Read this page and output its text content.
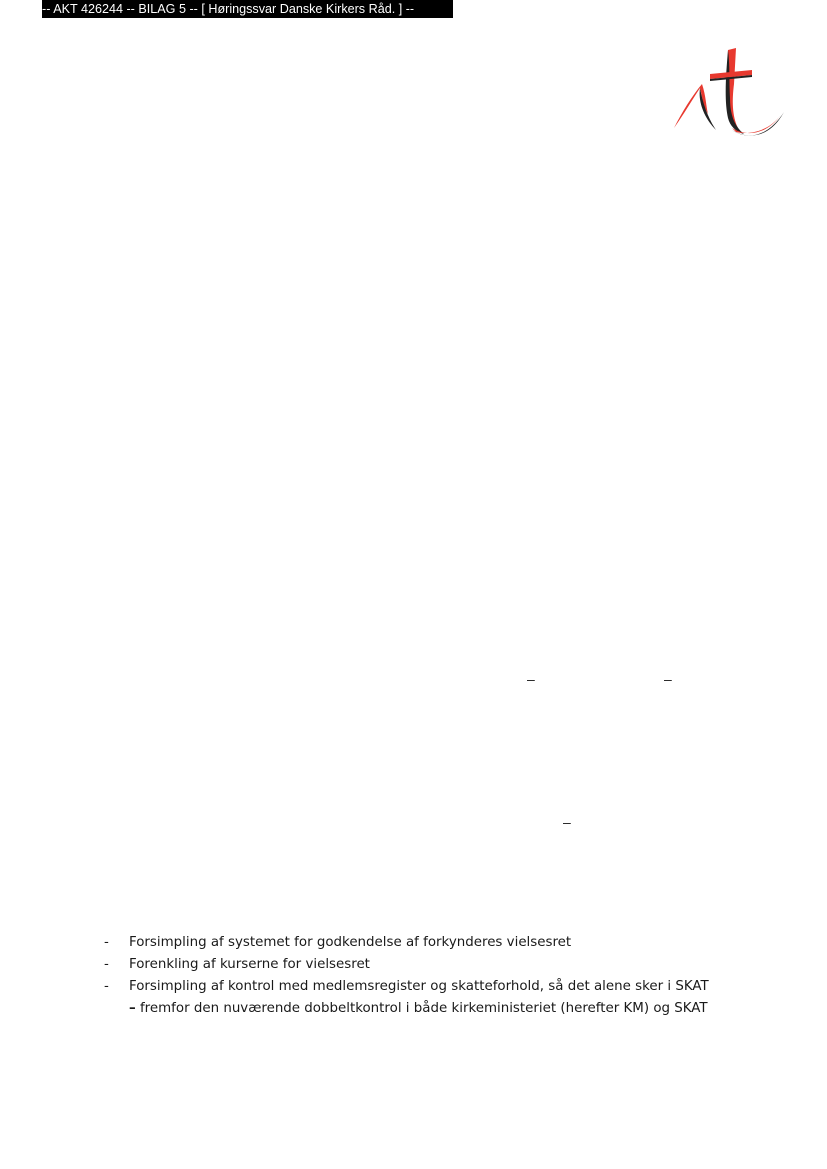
-- AKT 426244 -- BILAG 5 -- [ Høringssvar Danske Kirkers Råd. ] --
–	–
–
- Forsimpling af systemet for godkendelse af forkynderes vielsesret
- Forenkling af kurserne for vielsesret
- Forsimpling af kontrol med medlemsregister og skatteforhold, så det alene sker i SKAT
– fremfor den nuværende dobbeltkontrol i både kirkeministeriet (herefter KM) og SKAT
